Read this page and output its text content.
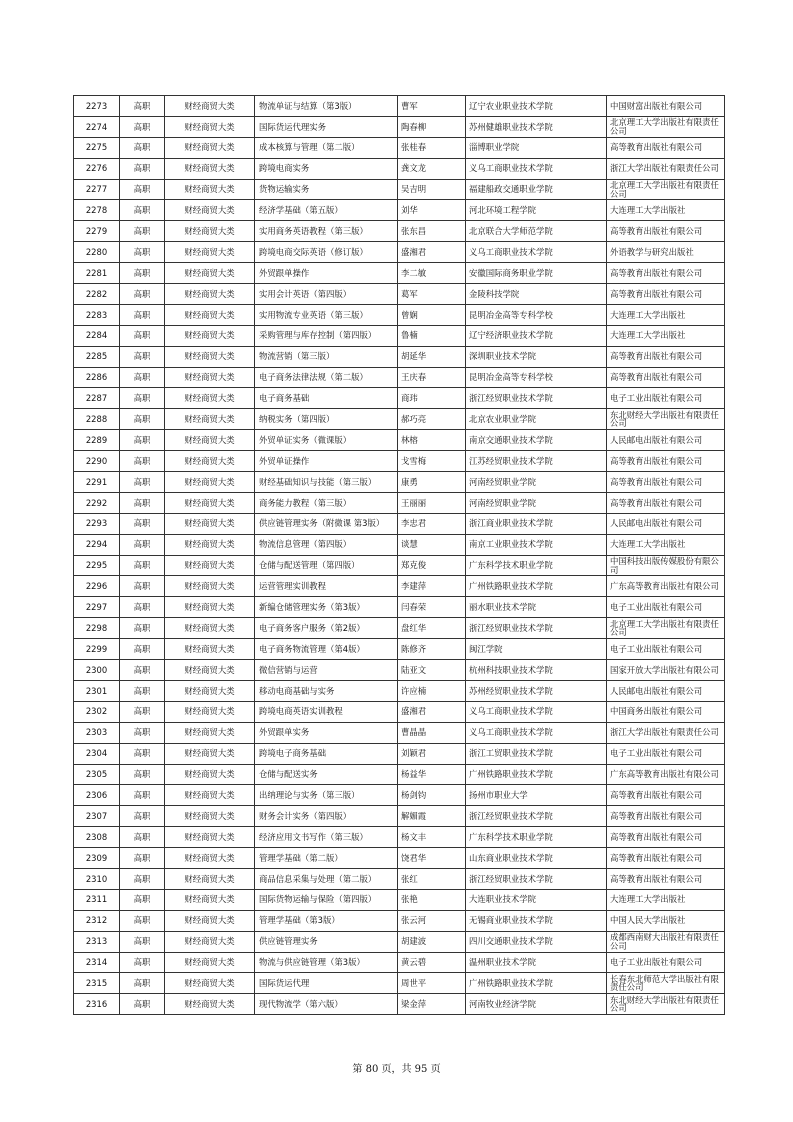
2273	高职	财经商贸大类	物流单证与结算（第3版）	曹军	辽宁农业职业技术学院	中国财富出版社有限公司
2274	高职	财经商贸大类	国际货运代理实务	陶春柳	苏州健雄职业技术学院	北京理工大学出版社有限责任公司
2275	高职	财经商贸大类	成本核算与管理（第二版）	张桂春	淄博职业学院	高等教育出版社有限公司
2276	高职	财经商贸大类	跨境电商实务	龚文龙	义乌工商职业技术学院	浙江大学出版社有限责任公司
2277	高职	财经商贸大类	货物运输实务	吴吉明	福建船政交通职业学院	北京理工大学出版社有限责任公司
2278	高职	财经商贸大类	经济学基础（第五版）	刘华	河北环境工程学院	大连理工大学出版社
2279	高职	财经商贸大类	实用商务英语教程（第三版）	张东昌	北京联合大学师范学院	高等教育出版社有限公司
2280	高职	财经商贸大类	跨境电商交际英语（修订版）	盛湘君	义乌工商职业技术学院	外语教学与研究出版社
2281	高职	财经商贸大类	外贸跟单操作	李二敏	安徽国际商务职业学院	高等教育出版社有限公司
2282	高职	财经商贸大类	实用会计英语（第四版）	葛军	金陵科技学院	高等教育出版社有限公司
2283	高职	财经商贸大类	实用物流专业英语（第三版）	曾娴	昆明冶金高等专科学校	大连理工大学出版社
2284	高职	财经商贸大类	采购管理与库存控制（第四版）	鲁楠	辽宁经济职业技术学院	大连理工大学出版社
2285	高职	财经商贸大类	物流营销（第三版）	胡延华	深圳职业技术学院	高等教育出版社有限公司
2286	高职	财经商贸大类	电子商务法律法规（第二版）	王庆春	昆明冶金高等专科学校	高等教育出版社有限公司
2287	高职	财经商贸大类	电子商务基础	商玮	浙江经贸职业技术学院	电子工业出版社有限公司
2288	高职	财经商贸大类	纳税实务（第四版）	郝巧亮	北京农业职业学院	东北财经大学出版社有限责任公司
2289	高职	财经商贸大类	外贸单证实务（微课版）	林榕	南京交通职业技术学院	人民邮电出版社有限公司
2290	高职	财经商贸大类	外贸单证操作	戈雪梅	江苏经贸职业技术学院	高等教育出版社有限公司
2291	高职	财经商贸大类	财经基础知识与技能（第三版）	康勇	河南经贸职业学院	高等教育出版社有限公司
2292	高职	财经商贸大类	商务能力教程（第三版）	王丽丽	河南经贸职业学院	高等教育出版社有限公司
2293	高职	财经商贸大类	供应链管理实务（附微课 第3版）	李忠君	浙江商业职业技术学院	人民邮电出版社有限公司
2294	高职	财经商贸大类	物流信息管理（第四版）	谈慧	南京工业职业技术学院	大连理工大学出版社
2295	高职	财经商贸大类	仓储与配送管理（第四版）	郑克俊	广东科学技术职业学院	中国科技出版传媒股份有限公司
2296	高职	财经商贸大类	运营管理实训教程	李建萍	广州铁路职业技术学院	广东高等教育出版社有限公司
2297	高职	财经商贸大类	新编仓储管理实务（第3版）	闫春荣	丽水职业技术学院	电子工业出版社有限公司
2298	高职	财经商贸大类	电子商务客户服务（第2版）	盘红华	浙江经贸职业技术学院	北京理工大学出版社有限责任公司
2299	高职	财经商贸大类	电子商务物流管理（第4版）	陈修齐	闽江学院	电子工业出版社有限公司
2300	高职	财经商贸大类	微信营销与运营	陆亚文	杭州科技职业技术学院	国家开放大学出版社有限公司
2301	高职	财经商贸大类	移动电商基础与实务	许应楠	苏州经贸职业技术学院	人民邮电出版社有限公司
2302	高职	财经商贸大类	跨境电商英语实训教程	盛湘君	义乌工商职业技术学院	中国商务出版社有限公司
2303	高职	财经商贸大类	外贸跟单实务	曹晶晶	义乌工商职业技术学院	浙江大学出版社有限责任公司
2304	高职	财经商贸大类	跨境电子商务基础	刘颖君	浙江工贸职业技术学院	电子工业出版社有限公司
2305	高职	财经商贸大类	仓储与配送实务	杨益华	广州铁路职业技术学院	广东高等教育出版社有限公司
2306	高职	财经商贸大类	出纳理论与实务（第三版）	杨剑钧	扬州市职业大学	高等教育出版社有限公司
2307	高职	财经商贸大类	财务会计实务（第四版）	解媚霞	浙江经贸职业技术学院	高等教育出版社有限公司
2308	高职	财经商贸大类	经济应用文书写作（第三版）	杨文丰	广东科学技术职业学院	高等教育出版社有限公司
2309	高职	财经商贸大类	管理学基础（第二版）	饶君华	山东商业职业技术学院	高等教育出版社有限公司
2310	高职	财经商贸大类	商品信息采集与处理（第二版）	张红	浙江经贸职业技术学院	高等教育出版社有限公司
2311	高职	财经商贸大类	国际货物运输与保险（第四版）	张艳	大连职业技术学院	大连理工大学出版社
2312	高职	财经商贸大类	管理学基础（第3版）	张云河	无锡商业职业技术学院	中国人民大学出版社
2313	高职	财经商贸大类	供应链管理实务	胡建波	四川交通职业技术学院	成都西南财大出版社有限责任公司
2314	高职	财经商贸大类	物流与供应链管理（第3版）	黄云碧	温州职业技术学院	电子工业出版社有限公司
2315	高职	财经商贸大类	国际货运代理	周世平	广州铁路职业技术学院	长春东北师范大学出版社有限责任公司
2316	高职	财经商贸大类	现代物流学（第六版）	梁金萍	河南牧业经济学院	东北财经大学出版社有限责任公司
第 80 页，共 95 页
